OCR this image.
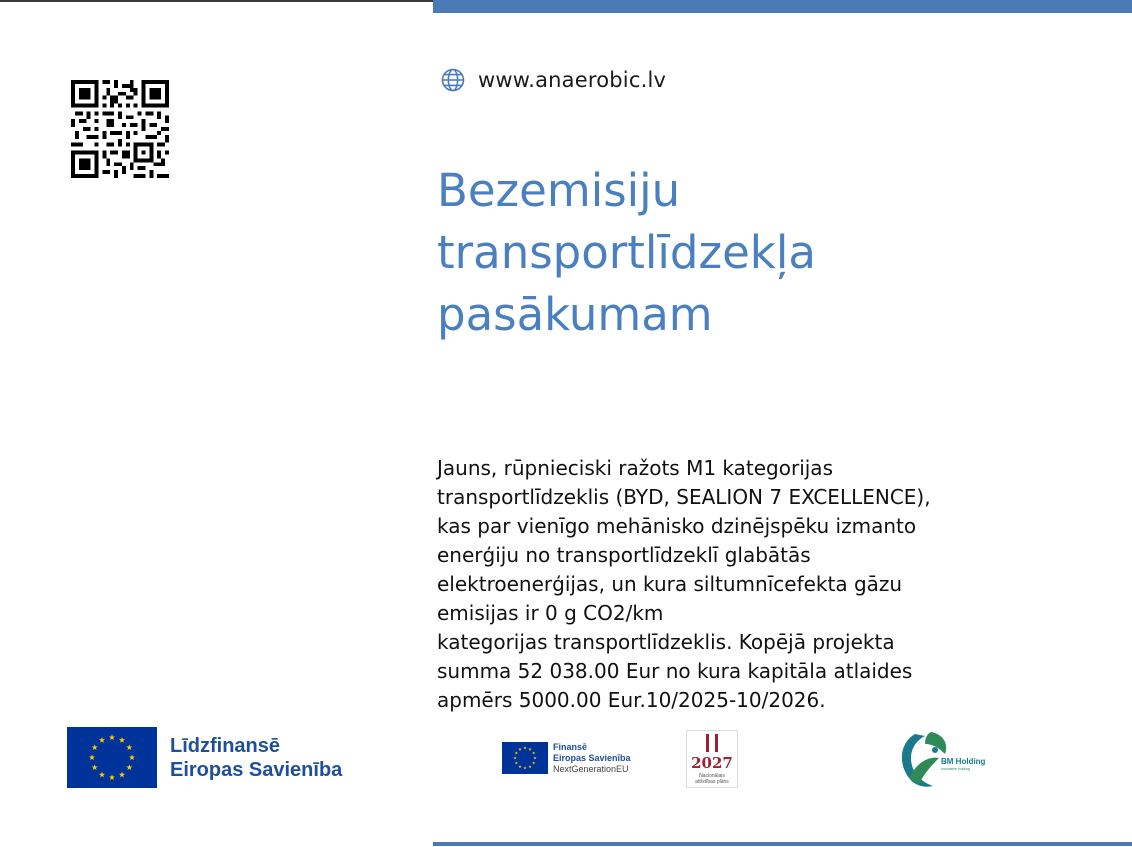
www.anaerobic.lv
Bezemisiju
transportlīdzekļa
pasākumam

Jauns, rūpnieciski ražots M1 kategorijas
transportlīdzeklis (BYD, SEALION 7 EXCELLENCE),
kas par vienīgo mehānisko dzinējspēku izmanto
enerģiju no transportlīdzeklī glabātās
elektroenerģijas, un kura siltumnīcefekta gāzu
emisijas ir 0 g CO2/km
kategorijas transportlīdzeklis. Kopējā projekta
summa 52 038.00 Eur no kura kapitāla atlaides
apmērs 5000.00 Eur.10/2025-10/2026.

Līdzfinansē
Eiropas Savienība
Finansē
Eiropas Savienība
NextGenerationEU	2027
Nacionālais
attīstības plāns
BM Holding
Innovative Holding
